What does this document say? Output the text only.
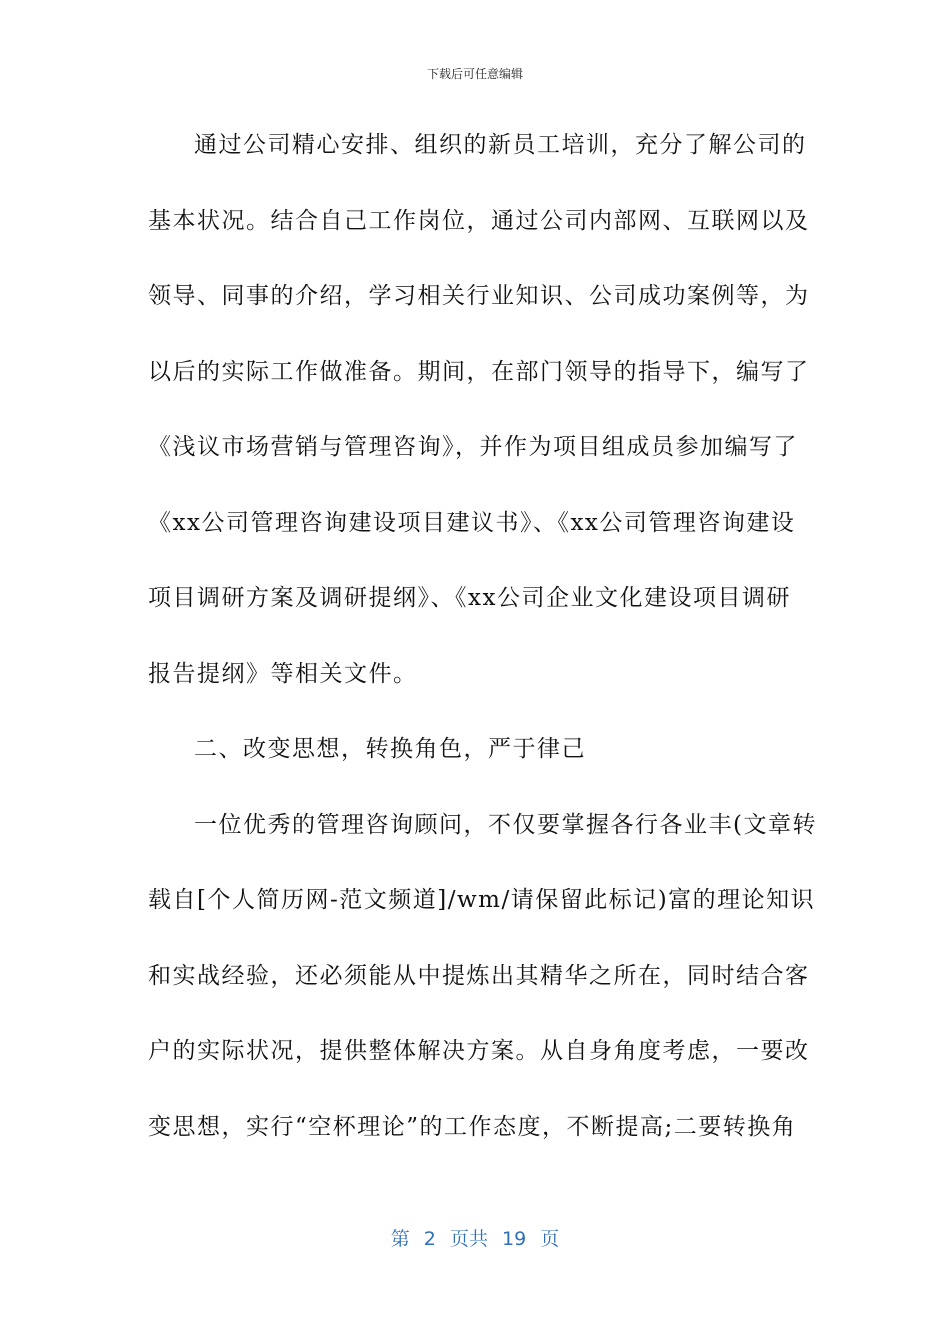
下载后可任意编辑
通过公司精心安排、组织的新员工培训，充分了解公司的
基本状况。结合自己工作岗位，通过公司内部网、互联网以及
领导、同事的介绍，学习相关行业知识、公司成功案例等，为
以后的实际工作做准备。期间，在部门领导的指导下，编写了
《浅议市场营销与管理咨询》，并作为项目组成员参加编写了
《xx公司管理咨询建设项目建议书》、《xx公司管理咨询建设
项目调研方案及调研提纲》、《xx公司企业文化建设项目调研
报告提纲》等相关文件。
二、改变思想，转换角色，严于律己
一位优秀的管理咨询顾问，不仅要掌握各行各业丰(文章转
载自[个人简历网-范文频道]/wm/请保留此标记)富的理论知识
和实战经验，还必须能从中提炼出其精华之所在，同时结合客
户的实际状况，提供整体解决方案。从自身角度考虑，一要改
变思想，实行“空杯理论”的工作态度，不断提高;二要转换角
第 2 页共 19 页
